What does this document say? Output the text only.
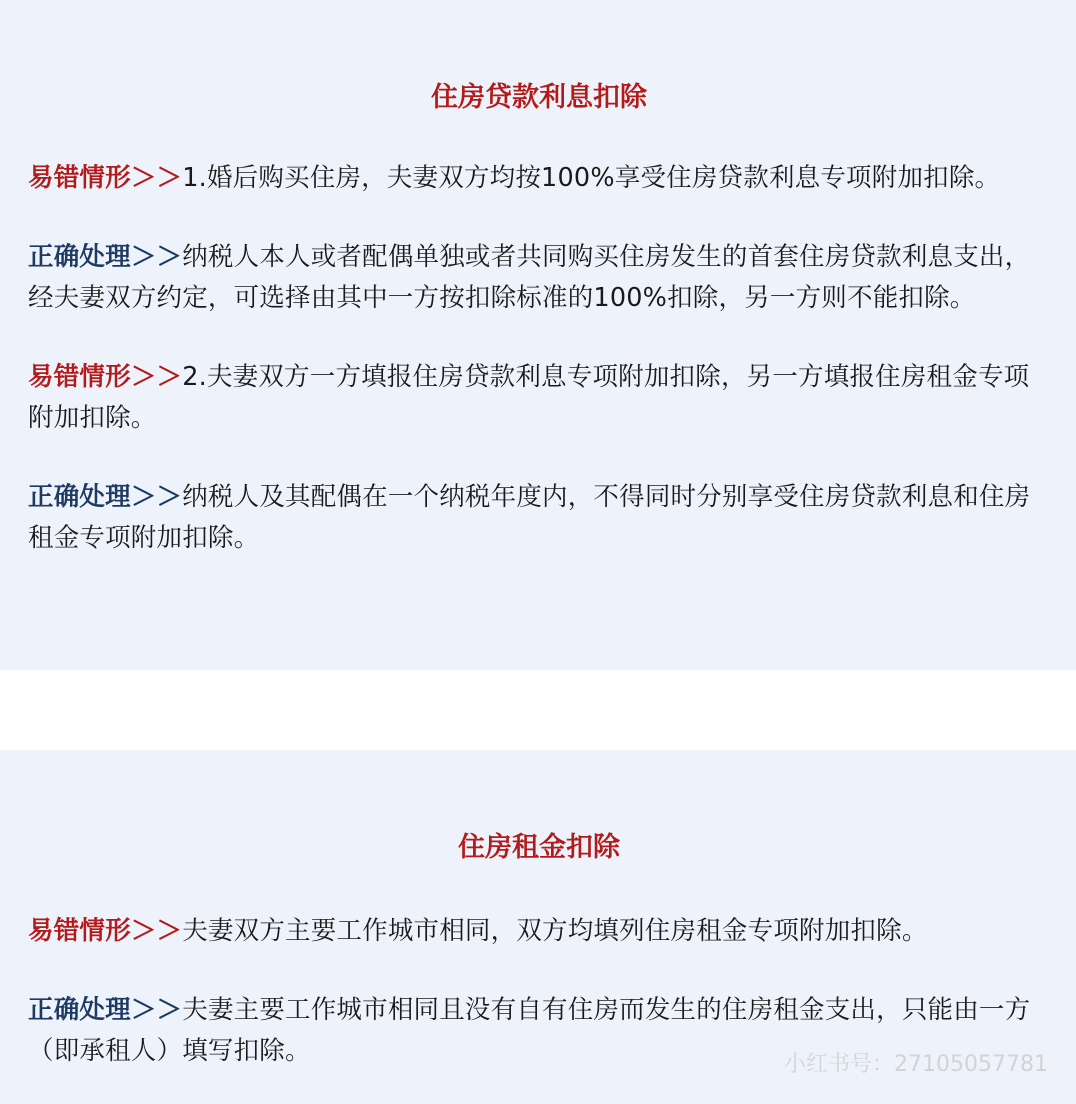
住房贷款利息扣除

易错情形＞＞1.婚后购买住房，夫妻双方均按100%享受住房贷款利息专项附加扣除。

正确处理＞＞纳税人本人或者配偶单独或者共同购买住房发生的首套住房贷款利息支出，经夫妻双方约定，可选择由其中一方按扣除标准的100%扣除，另一方则不能扣除。

易错情形＞＞2.夫妻双方一方填报住房贷款利息专项附加扣除，另一方填报住房租金专项附加扣除。

正确处理＞＞纳税人及其配偶在一个纳税年度内，不得同时分别享受住房贷款利息和住房租金专项附加扣除。

住房租金扣除

易错情形＞＞夫妻双方主要工作城市相同，双方均填列住房租金专项附加扣除。

正确处理＞＞夫妻主要工作城市相同且没有自有住房而发生的住房租金支出，只能由一方（即承租人）填写扣除。	小红书号：2710505​7781
